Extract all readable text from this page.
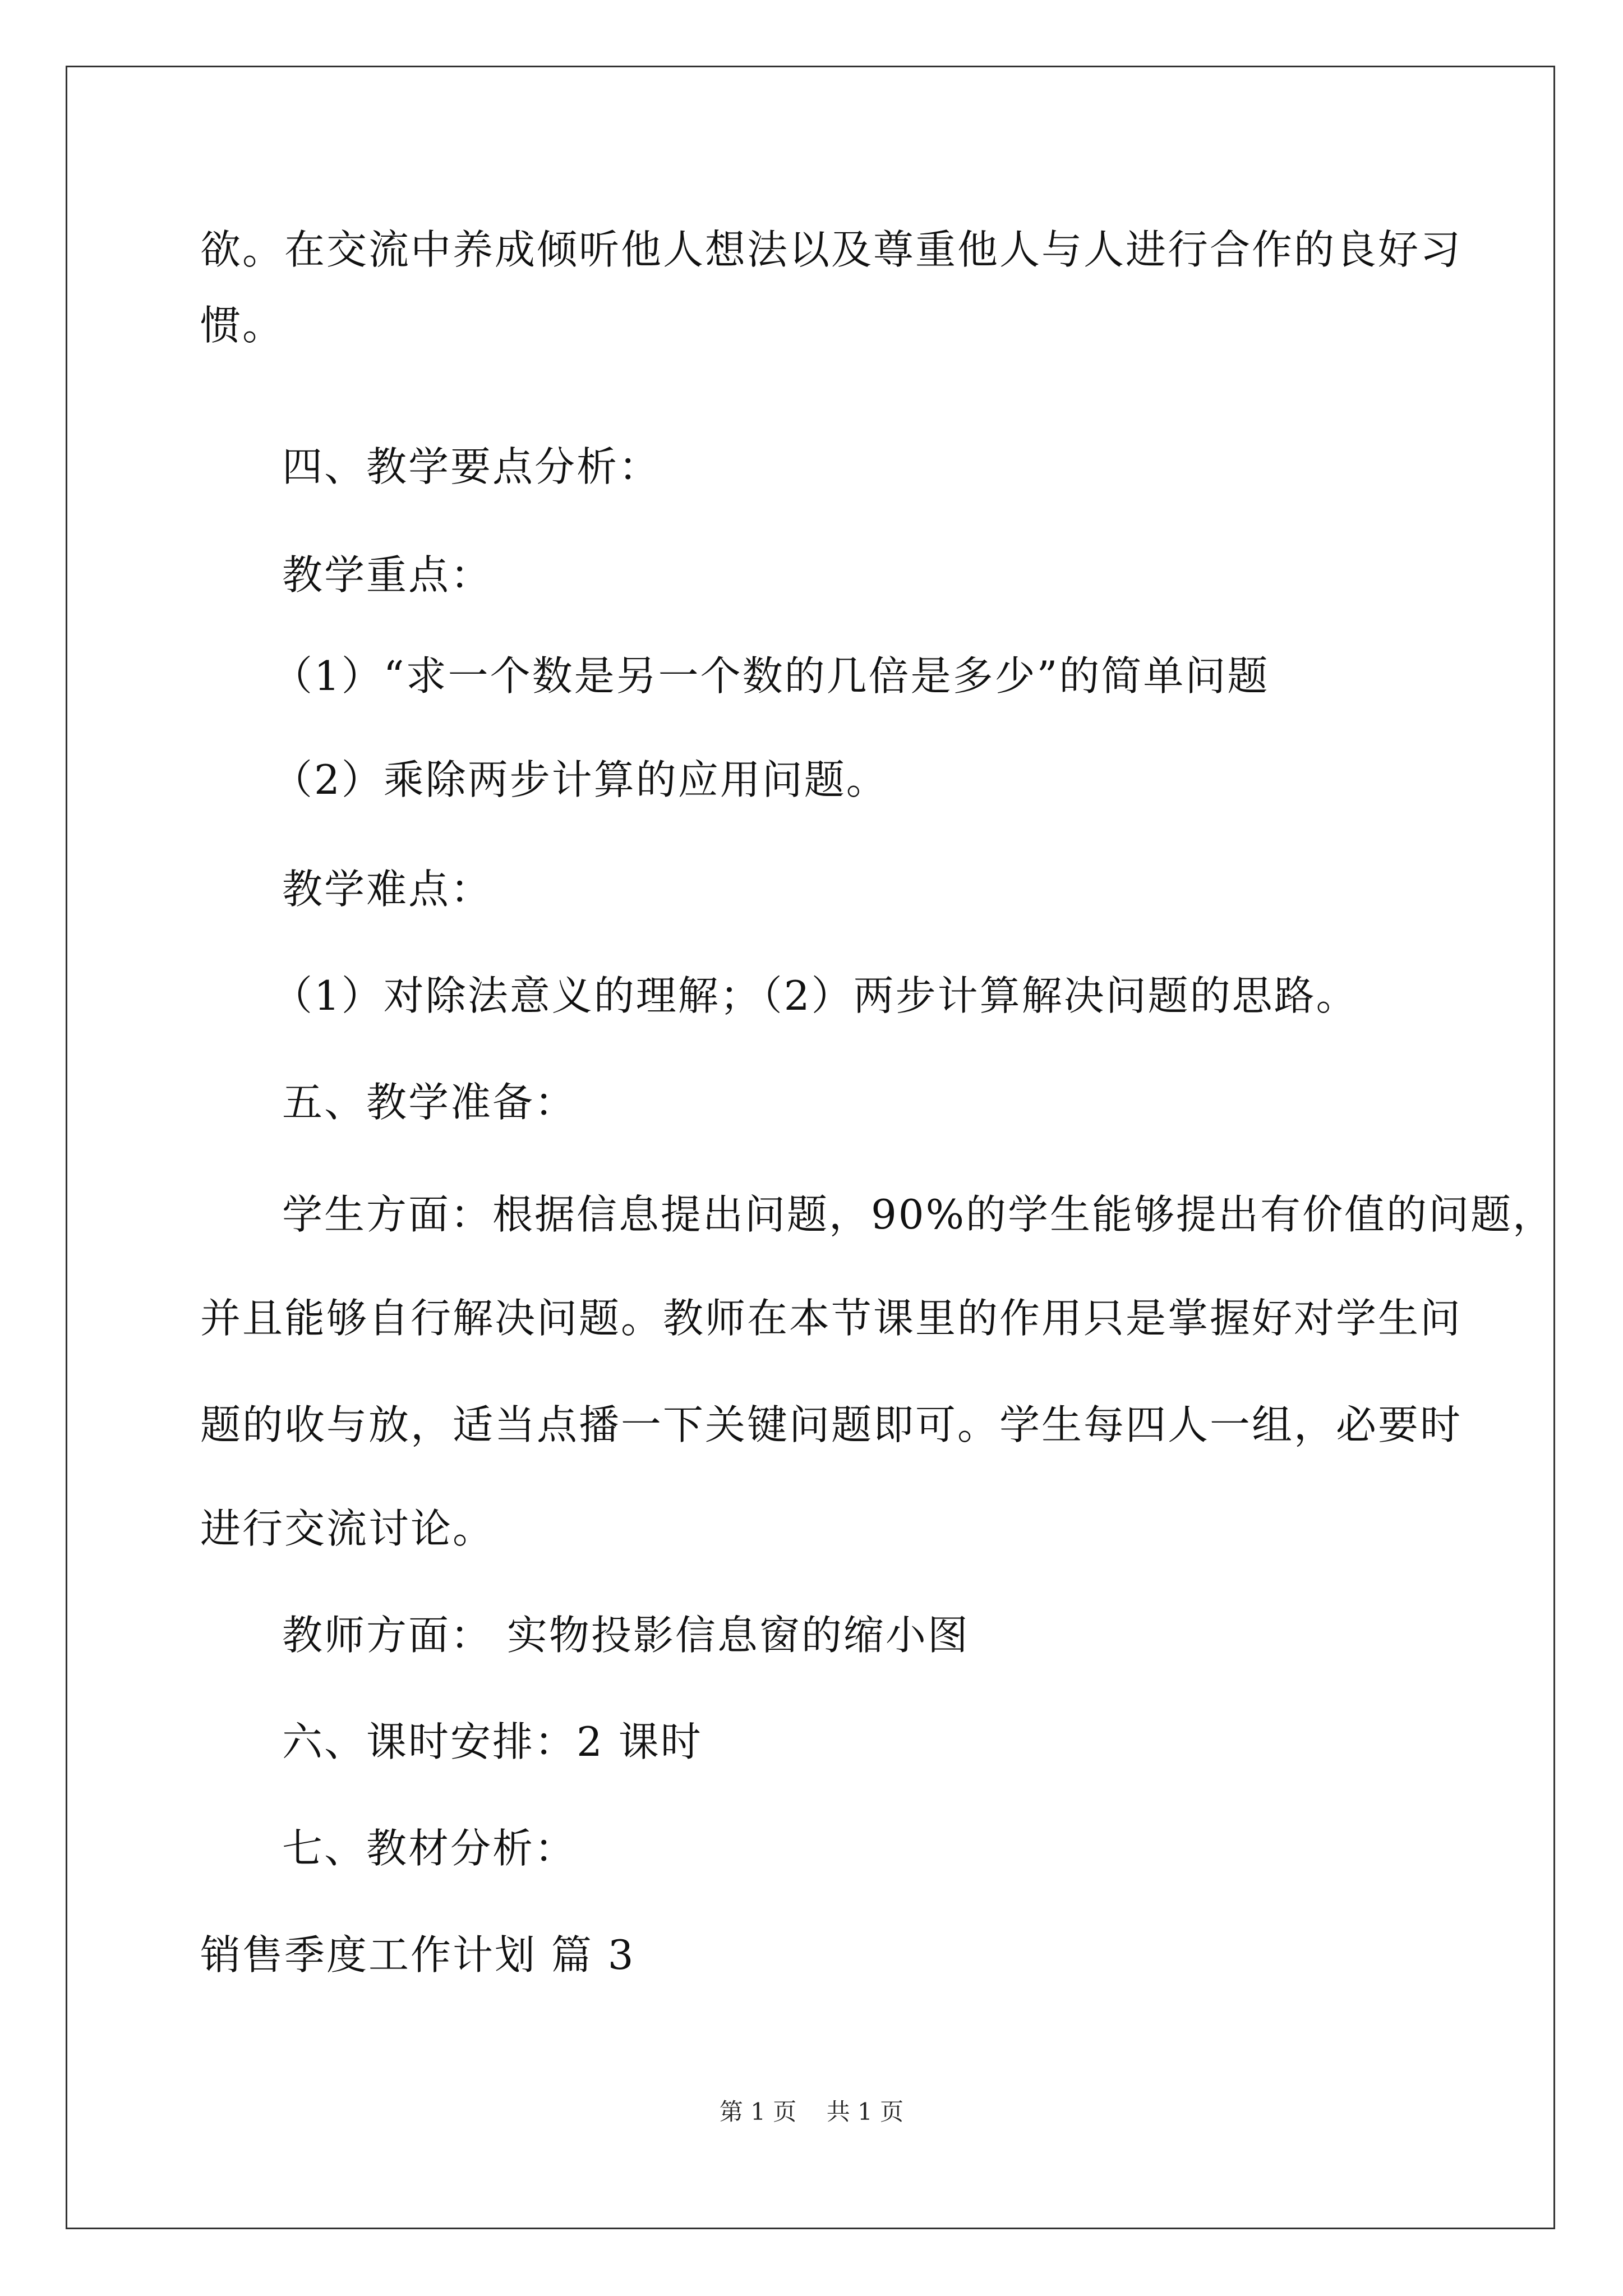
欲。在交流中养成倾听他人想法以及尊重他人与人进行合作的良好习
惯。
四、教学要点分析：
教学重点：
（1）“求一个数是另一个数的几倍是多少”的简单问题
（2）乘除两步计算的应用问题。
教学难点：
（1）对除法意义的理解；（2）两步计算解决问题的思路。
五、教学准备：
学生方面：根据信息提出问题，90%的学生能够提出有价值的问题，
并且能够自行解决问题。教师在本节课里的作用只是掌握好对学生问
题的收与放，适当点播一下关键问题即可。学生每四人一组，必要时
进行交流讨论。
教师方面： 实物投影信息窗的缩小图
六、课时安排：2 课时
七、教材分析：
销售季度工作计划 篇 3
第 1 页    共 1 页
